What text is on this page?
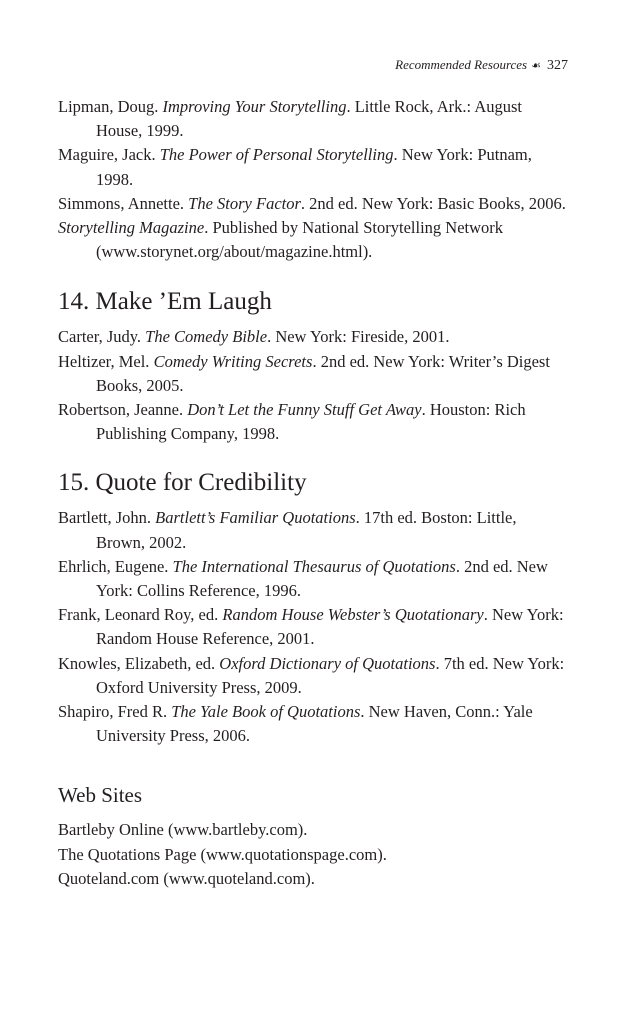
Recommended Resources ☙ 327

Lipman, Doug. Improving Your Storytelling. Little Rock, Ark.: August House, 1999.

Maguire, Jack. The Power of Personal Storytelling. New York: Putnam, 1998.

Simmons, Annette. The Story Factor. 2nd ed. New York: Basic Books, 2006.

Storytelling Magazine. Published by National Storytelling Network (www.storynet.org/about/magazine.html).

14. Make ’Em Laugh

Carter, Judy. The Comedy Bible. New York: Fireside, 2001.

Heltizer, Mel. Comedy Writing Secrets. 2nd ed. New York: Writer’s Digest Books, 2005.

Robertson, Jeanne. Don’t Let the Funny Stuff Get Away. Houston: Rich Publishing Company, 1998.

15. Quote for Credibility

Bartlett, John. Bartlett’s Familiar Quotations. 17th ed. Boston: Little, Brown, 2002.

Ehrlich, Eugene. The International Thesaurus of Quotations. 2nd ed. New York: Collins Reference, 1996.

Frank, Leonard Roy, ed. Random House Webster’s Quotationary. New York: Random House Reference, 2001.

Knowles, Elizabeth, ed. Oxford Dictionary of Quotations. 7th ed. New York: Oxford University Press, 2009.

Shapiro, Fred R. The Yale Book of Quotations. New Haven, Conn.: Yale University Press, 2006.

Web Sites

Bartleby Online (www.bartleby.com).

The Quotations Page (www.quotationspage.com).

Quoteland.com (www.quoteland.com).
